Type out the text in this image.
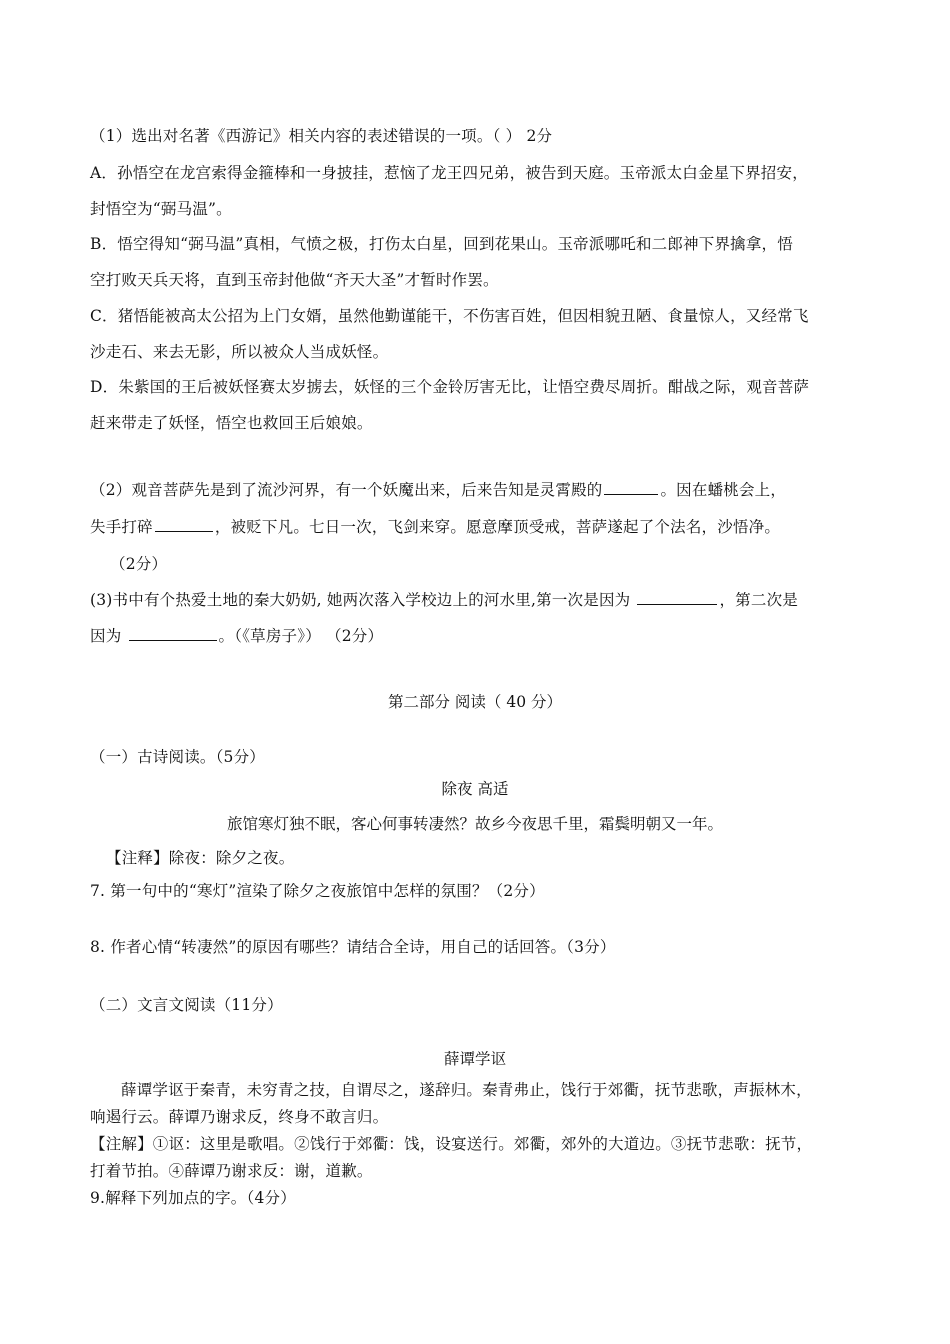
（1）选出对名著《西游记》相关内容的表述错误的一项。（ ） 2分
A．孙悟空在龙宫索得金箍棒和一身披挂，惹恼了龙王四兄弟，被告到天庭。玉帝派太白金星下界招安，
封悟空为“弼马温”。
B．悟空得知“弼马温”真相，气愤之极，打伤太白星，回到花果山。玉帝派哪吒和二郎神下界擒拿，悟
空打败天兵天将，直到玉帝封他做“齐天大圣”才暂时作罢。
C．猪悟能被高太公招为上门女婿，虽然他勤谨能干，不伤害百姓，但因相貌丑陋、食量惊人，又经常飞
沙走石、来去无影，所以被众人当成妖怪。
D．朱紫国的王后被妖怪赛太岁掳去，妖怪的三个金铃厉害无比，让悟空费尽周折。酣战之际，观音菩萨
赶来带走了妖怪，悟空也救回王后娘娘。
（2）观音菩萨先是到了流沙河界，有一个妖魔出来，后来告知是灵霄殿的	。因在蟠桃会上，
失手打碎	，被贬下凡。七日一次，飞剑来穿。愿意摩顶受戒，菩萨遂起了个法名，沙悟净。
（2分）
(3)书中有个热爱土地的秦大奶奶, 她两次落入学校边上的河水里,第一次是因为	，第二次是
因为	。（《草房子》） （2分）
第二部分 阅读（ 40 分）
（一）古诗阅读。（5分）
除夜 高适
旅馆寒灯独不眠，客心何事转凄然？故乡今夜思千里，霜鬓明朝又一年。
【注释】除夜：除夕之夜。
7. 第一句中的“寒灯”渲染了除夕之夜旅馆中怎样的氛围？（2分）
8. 作者心情“转凄然”的原因有哪些？请结合全诗，用自己的话回答。（3分）
（二）文言文阅读（11分）
薛谭学讴
薛谭学讴于秦青，未穷青之技，自谓尽之，遂辞归。秦青弗止，饯行于郊衢，抚节悲歌，声振林木，
响遏行云。薛谭乃谢求反，终身不敢言归。
【注解】①讴：这里是歌唱。②饯行于郊衢：饯，设宴送行。郊衢，郊外的大道边。③抚节悲歌：抚节，
打着节拍。④薛谭乃谢求反：谢，道歉。
9.解释下列加点的字。（4分）
